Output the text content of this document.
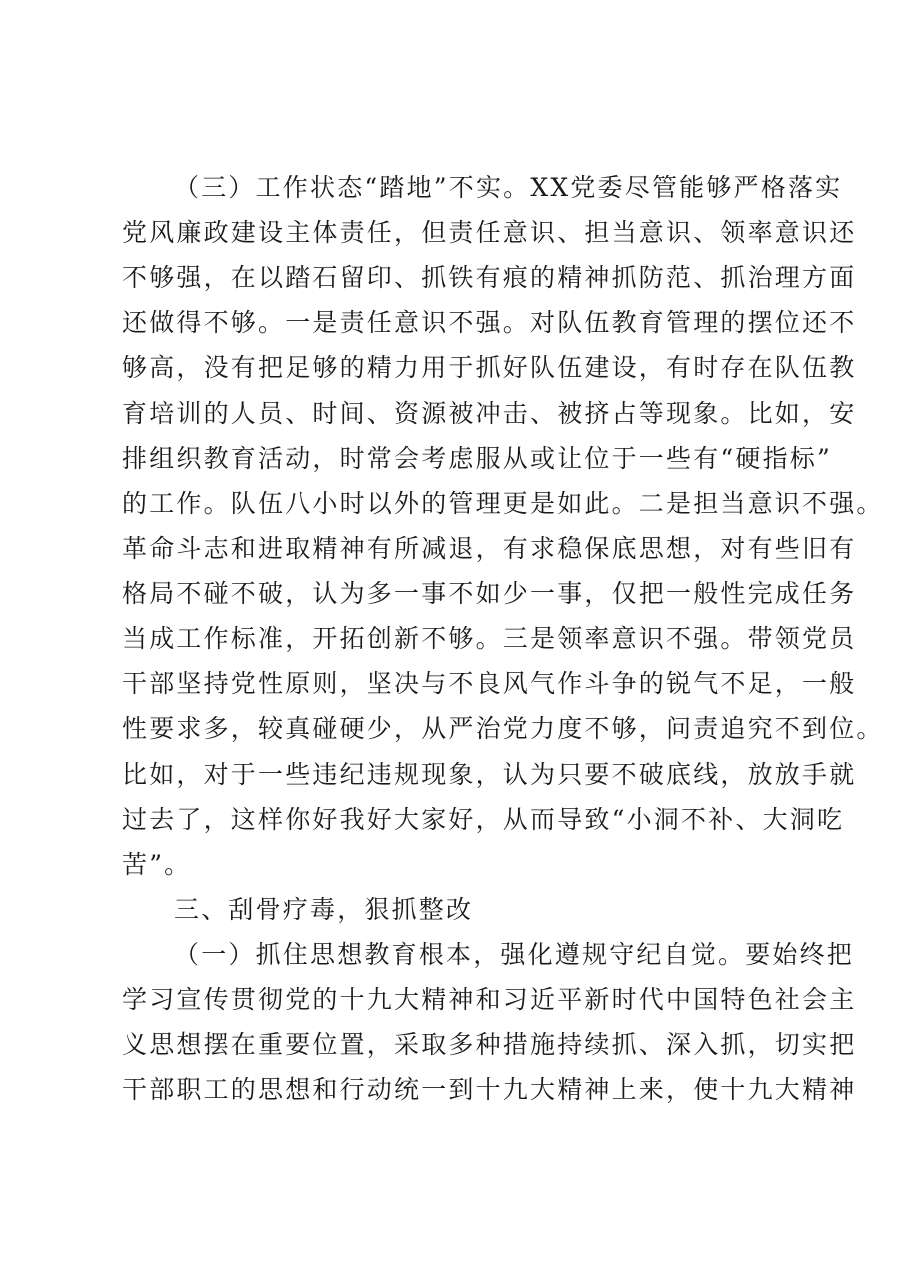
（三）工作状态“踏地”不实。XX党委尽管能够严格落实
党风廉政建设主体责任，但责任意识、担当意识、领率意识还
不够强，在以踏石留印、抓铁有痕的精神抓防范、抓治理方面
还做得不够。一是责任意识不强。对队伍教育管理的摆位还不
够高，没有把足够的精力用于抓好队伍建设，有时存在队伍教
育培训的人员、时间、资源被冲击、被挤占等现象。比如，安
排组织教育活动，时常会考虑服从或让位于一些有“硬指标”
的工作。队伍八小时以外的管理更是如此。二是担当意识不强。
革命斗志和进取精神有所减退，有求稳保底思想，对有些旧有
格局不碰不破，认为多一事不如少一事，仅把一般性完成任务
当成工作标准，开拓创新不够。三是领率意识不强。带领党员
干部坚持党性原则，坚决与不良风气作斗争的锐气不足，一般
性要求多，较真碰硬少，从严治党力度不够，问责追究不到位。
比如，对于一些违纪违规现象，认为只要不破底线，放放手就
过去了，这样你好我好大家好，从而导致“小洞不补、大洞吃
苦”。
三、刮骨疗毒，狠抓整改
（一）抓住思想教育根本，强化遵规守纪自觉。要始终把
学习宣传贯彻党的十九大精神和习近平新时代中国特色社会主
义思想摆在重要位置，采取多种措施持续抓、深入抓，切实把
干部职工的思想和行动统一到十九大精神上来，使十九大精神
